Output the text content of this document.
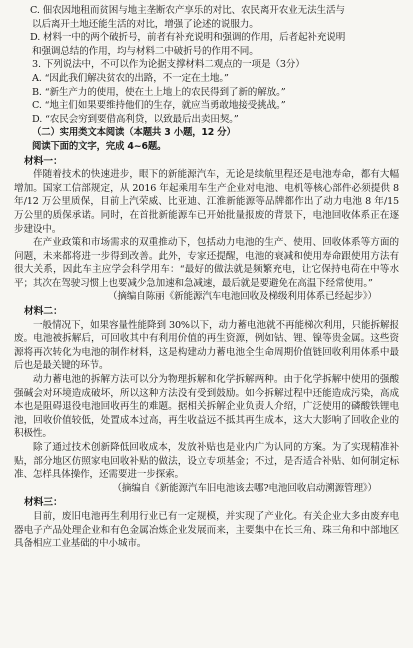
C. 佃农因地租而贫困与地主垄断农产享乐的对比、农民离开农业无法生活与

以后离开土地还能生活的对比，增强了论述的说服力。

D. 材料一中的两个破折号，前者有补充说明和强调的作用，后者起补充说明

和强调总结的作用，均与材料二中破折号的作用不同。

3. 下列说法中，不可以作为论据支撑材料二观点的一项是（3分）

A. “因此我们解决贫农的出路，不一定在土地。”

B. “新生产力的使用，使在土上地上的农民得到了新的解放。”

C. “地主们如果要维持他们的生存，就应当勇敢地接受挑战。”

D. “农民会穷到要借高利贷，以致最后出卖田契。”

（二）实用类文本阅读（本题共 3 小题，12 分）

阅读下面的文字，完成 4~6题。

材料一：

伴随着技术的快速进步，眼下的新能源汽车，无论是续航里程还是电池寿命，都有大幅增加。国家工信部规定，从 2016 年起乘用车生产企业对电池、电机等核心部件必须提供 8 年/12 万公里质保，目前上汽荣威、比亚迪、江淮新能源等品牌都作出了动力电池 8 年/15 万公里的质保承诺。同时，在首批新能源车已开始批量报废的背景下，电池回收体系正在逐步建设中。

在产业政策和市场需求的双重推动下，包括动力电池的生产、使用、回收体系等方面的问题，未来都将进一步得到改善。此外，专家还提醒，电池的衰减和使用寿命跟使用方法有很大关系，因此车主应学会科学用车：“最好的做法就是频繁充电，让它保持电荷在中等水平；其次在驾驶习惯上也要减少急加速和急减速，最后就是要避免在高温下经常使用。”

（摘编自陈丽《新能源汽车电池回收及梯级利用体系已经起步》）

材料二：

一般情况下，如果容量性能降到 30%以下，动力蓄电池就不再能梯次利用，只能拆解报废。电池被拆解后，可回收其中有利用价值的再生资源，例如钴、锂、镍等贵金属。这些资源将再次转化为电池的制作材料，这是构建动力蓄电池全生命周期价值链回收利用体系中最后也是最关键的环节。

动力蓄电池的拆解方法可以分为物理拆解和化学拆解两种。由于化学拆解中使用的强酸强碱会对环境造成破坏，所以这种方法没有受到鼓励。如今拆解过程中还能造成污染，高成本也是阻碍退役电池回收再生的难题。据相关拆解企业负责人介绍，广泛使用的磷酸铁锂电池，回收价值较低，处置成本过高，再生收益远不抵其再生成本，这大大影响了回收企业的积极性。

除了通过技术创新降低回收成本，发放补贴也是业内广为认同的方案。为了实现精准补贴，部分地区仿照家电回收补贴的做法，设立专项基金；不过，是否适合补贴、如何制定标准、怎样具体操作，还需要进一步探索。

（摘编自《新能源汽车旧电池该去哪?电池回收启动溯源管理》）

材料三：

目前，废旧电池再生利用行业已有一定规模，并实现了产业化。有关企业大多由废弃电器电子产品处理企业和有色金属冶炼企业发展而来，主要集中在长三角、珠三角和中部地区具备相应工业基础的中小城市。
